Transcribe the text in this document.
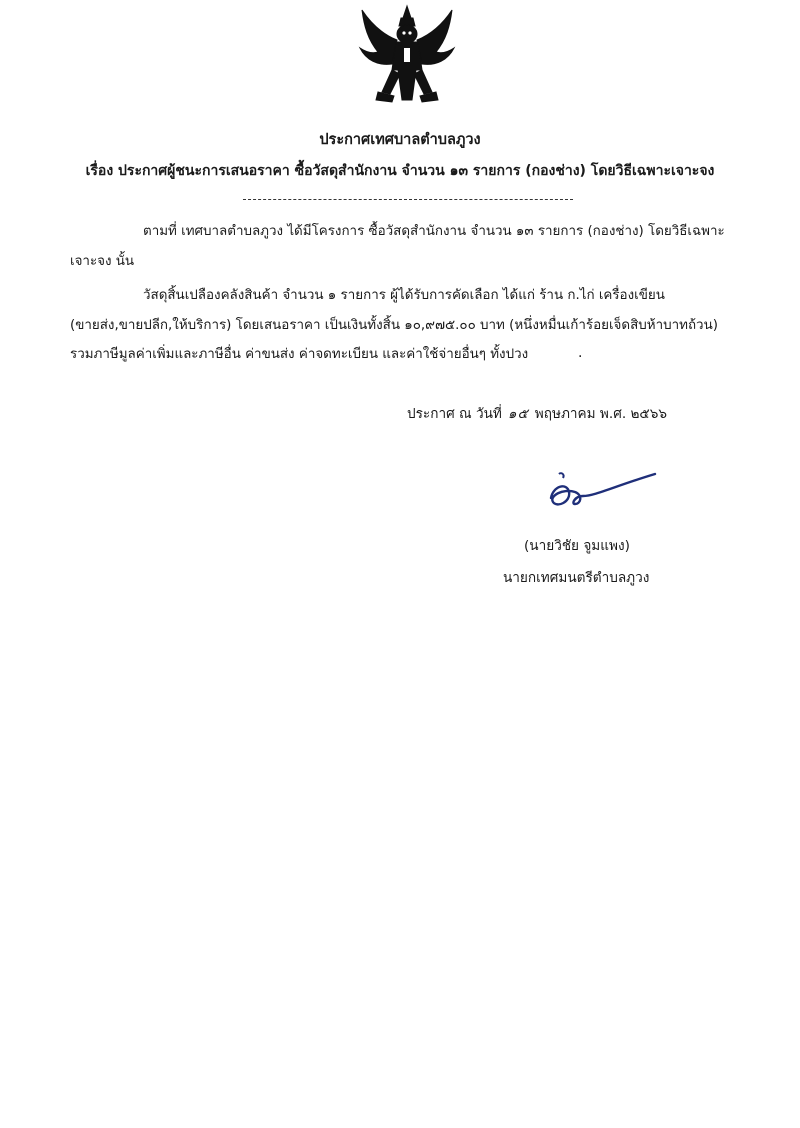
ประกาศเทศบาลตำบลภูวง
เรื่อง ประกาศผู้ชนะการเสนอราคา ซื้อวัสดุสำนักงาน จำนวน ๑๓ รายการ (กองช่าง) โดยวิธีเฉพาะเจาะจง
ตามที่ เทศบาลตำบลภูวง ได้มีโครงการ ซื้อวัสดุสำนักงาน จำนวน ๑๓ รายการ (กองช่าง) โดยวิธีเฉพาะ
เจาะจง นั้น
วัสดุสิ้นเปลืองคลังสินค้า จำนวน ๑ รายการ ผู้ได้รับการคัดเลือก ได้แก่ ร้าน ก.ไก่ เครื่องเขียน
(ขายส่ง,ขายปลีก,ให้บริการ) โดยเสนอราคา เป็นเงินทั้งสิ้น ๑๐,๙๗๕.๐๐ บาท (หนึ่งหมื่นเก้าร้อยเจ็ดสิบห้าบาทถ้วน)
รวมภาษีมูลค่าเพิ่มและภาษีอื่น ค่าขนส่ง ค่าจดทะเบียน และค่าใช้จ่ายอื่นๆ ทั้งปวง	.
ประกาศ ณ วันที่ ๑๕ พฤษภาคม พ.ศ. ๒๕๖๖
(นายวิชัย จูมแพง)
นายกเทศมนตรีตำบลภูวง
